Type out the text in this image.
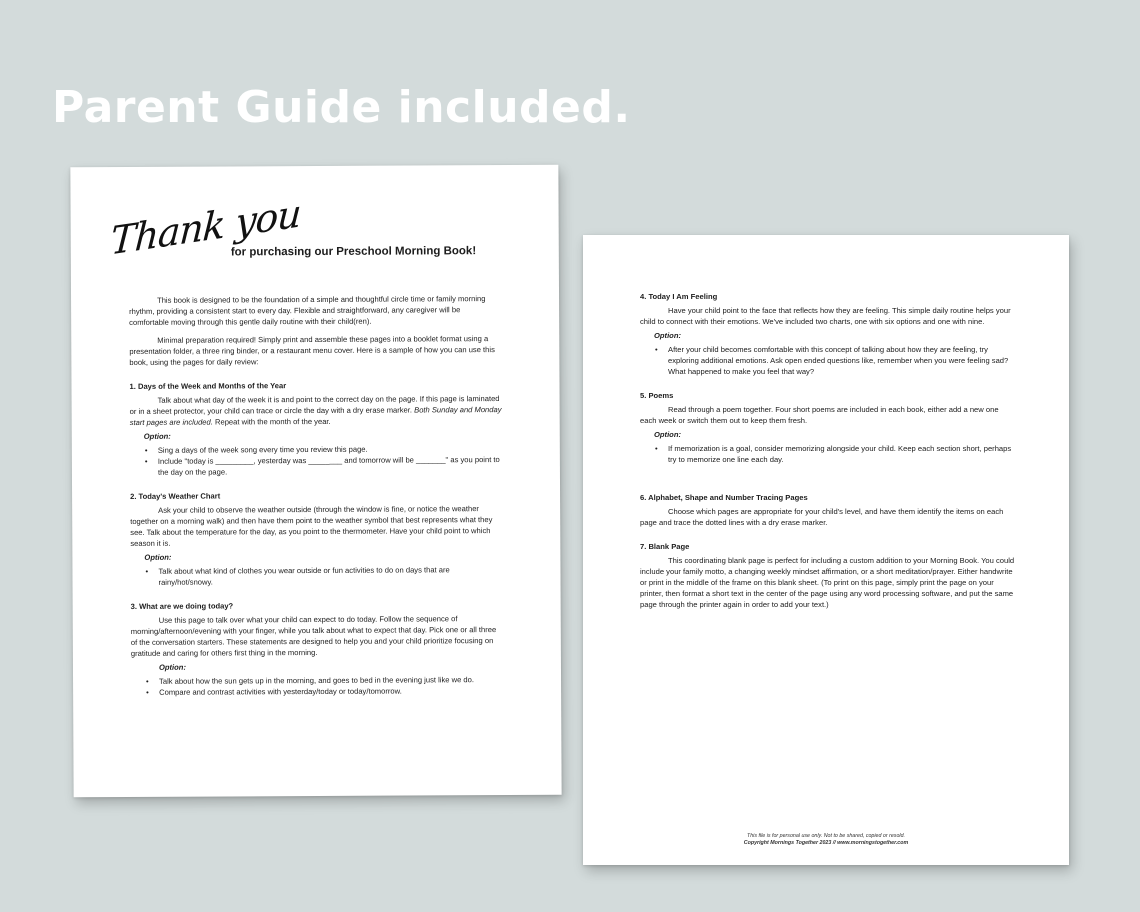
Parent Guide included.
Thank you
for purchasing our Preschool Morning Book!

This book is designed to be the foundation of a simple and thoughtful circle time or family morning rhythm, providing a consistent start to every day. Flexible and straightforward, any caregiver will be comfortable moving through this gentle daily routine with their child(ren).

Minimal preparation required! Simply print and assemble these pages into a booklet format using a presentation folder, a three ring binder, or a restaurant menu cover. Here is a sample of how you can use this book, using the pages for daily review:

1. Days of the Week and Months of the Year

Talk about what day of the week it is and point to the correct day on the page. If this page is laminated or in a sheet protector, your child can trace or circle the day with a dry erase marker. Both Sunday and Monday start pages are included. Repeat with the month of the year.

Option:
• Sing a days of the week song every time you review this page.
• Include "today is _________, yesterday was ________ and tomorrow will be _______" as you point to the day on the page.
2. Today's Weather Chart

Ask your child to observe the weather outside (through the window is fine, or notice the weather together on a morning walk) and then have them point to the weather symbol that best represents what they see. Talk about the temperature for the day, as you point to the thermometer. Have your child point to which season it is.

Option:
• Talk about what kind of clothes you wear outside or fun activities to do on days that are rainy/hot/snowy.
3. What are we doing today?

Use this page to talk over what your child can expect to do today. Follow the sequence of morning/afternoon/evening with your finger, while you talk about what to expect that day. Pick one or all three of the conversation starters. These statements are designed to help you and your child prioritize focusing on gratitude and caring for others first thing in the morning.

Option:
• Talk about how the sun gets up in the morning, and goes to bed in the evening just like we do.
• Compare and contrast activities with yesterday/today or today/tomorrow.
4. Today I Am Feeling

Have your child point to the face that reflects how they are feeling. This simple daily routine helps your child to connect with their emotions. We've included two charts, one with six options and one with nine.

Option:
• After your child becomes comfortable with this concept of talking about how they are feeling, try exploring additional emotions. Ask open ended questions like, remember when you were feeling sad? What happened to make you feel that way?
5. Poems

Read through a poem together. Four short poems are included in each book, either add a new one each week or switch them out to keep them fresh.

Option:
• If memorization is a goal, consider memorizing alongside your child. Keep each section short, perhaps try to memorize one line each day.
6. Alphabet, Shape and Number Tracing Pages

Choose which pages are appropriate for your child's level, and have them identify the items on each page and trace the dotted lines with a dry erase marker.

7. Blank Page

This coordinating blank page is perfect for including a custom addition to your Morning Book. You could include your family motto, a changing weekly mindset affirmation, or a short meditation/prayer. Either handwrite or print in the middle of the frame on this blank sheet. (To print on this page, simply print the page on your printer, then format a short text in the center of the page using any word processing software, and put the same page through the printer again in order to add your text.)

This file is for personal use only. Not to be shared, copied or resold.
Copyright Mornings Together 2023 // www.morningstogether.com
